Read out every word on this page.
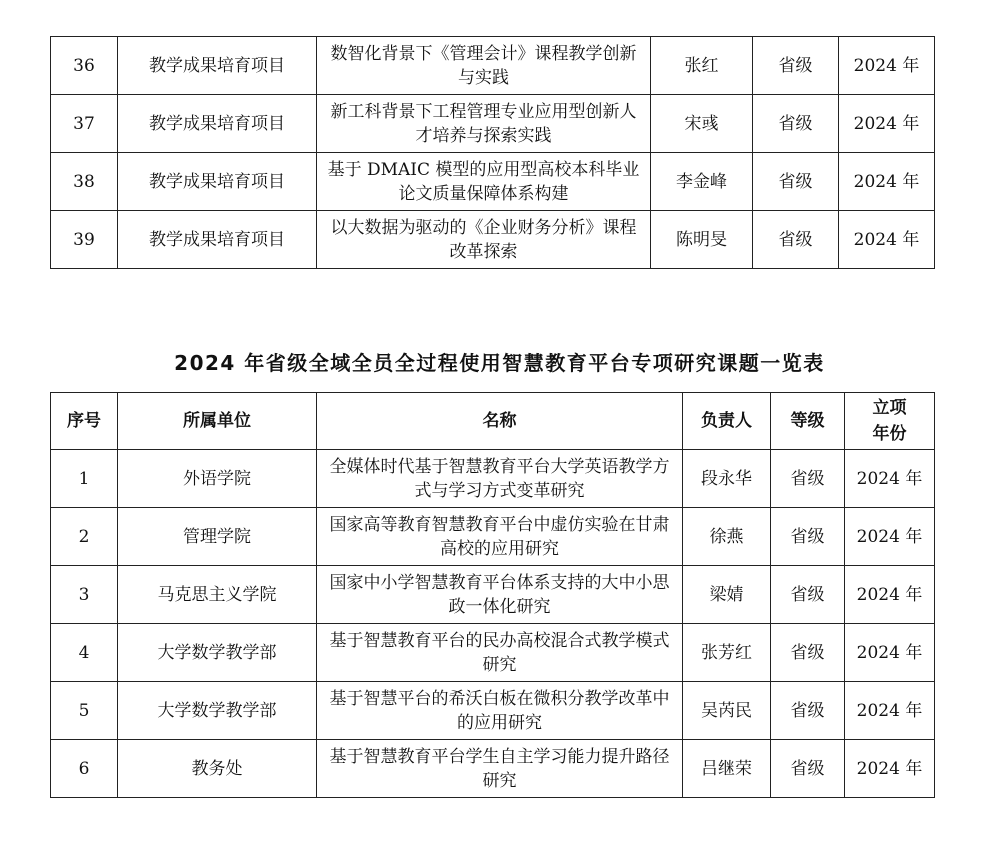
36	教学成果培育项目	数智化背景下《管理会计》课程教学创新与实践	张红	省级	2024 年
37	教学成果培育项目	新工科背景下工程管理专业应用型创新人才培养与探索实践	宋彧	省级	2024 年
38	教学成果培育项目	基于 DMAIC 模型的应用型高校本科毕业论文质量保障体系构建	李金峰	省级	2024 年
39	教学成果培育项目	以大数据为驱动的《企业财务分析》课程改革探索	陈明旻	省级	2024 年
2024 年省级全域全员全过程使用智慧教育平台专项研究课题一览表
序号	所属单位	名称	负责人	等级	立项
年份

1	外语学院	全媒体时代基于智慧教育平台大学英语教学方式与学习方式变革研究	段永华	省级	2024 年
2	管理学院	国家高等教育智慧教育平台中虚仿实验在甘肃高校的应用研究	徐燕	省级	2024 年
3	马克思主义学院	国家中小学智慧教育平台体系支持的大中小思政一体化研究	梁婧	省级	2024 年
4	大学数学教学部	基于智慧教育平台的民办高校混合式教学模式研究	张芳红	省级	2024 年
5	大学数学教学部	基于智慧平台的希沃白板在微积分教学改革中的应用研究	吴芮民	省级	2024 年
6	教务处	基于智慧教育平台学生自主学习能力提升路径研究	吕继荣	省级	2024 年
